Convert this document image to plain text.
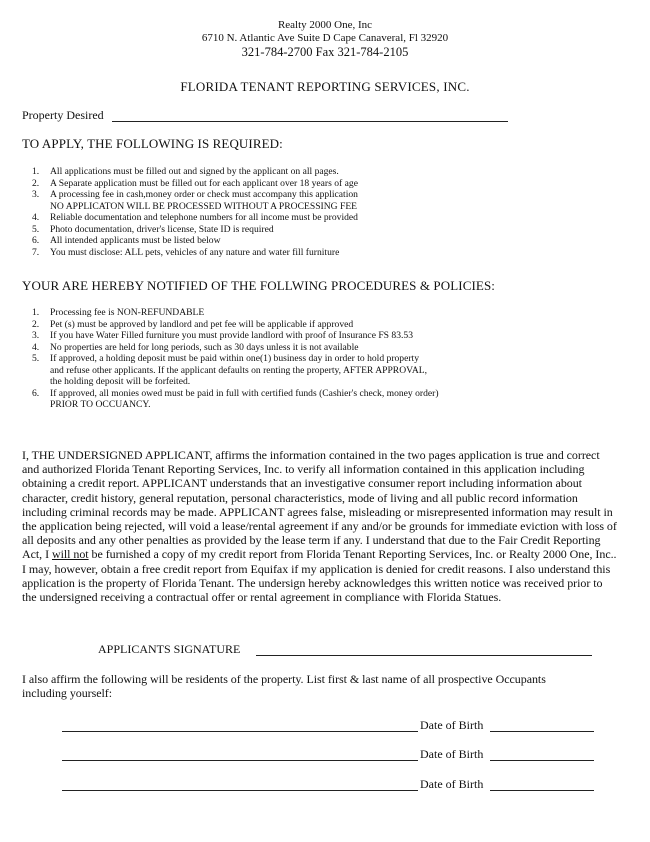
Realty 2000 One, Inc
6710 N. Atlantic Ave Suite D Cape Canaveral, Fl 32920
321-784-2700 Fax 321-784-2105
FLORIDA TENANT REPORTING SERVICES, INC.
Property Desired
TO APPLY, THE FOLLOWING IS REQUIRED:
1. All applications must be filled out and signed by the applicant on all pages.
2. A Separate application must be filled out for each applicant over 18 years of age
3. A processing fee in cash,money order or check must accompany this application
NO APPLICATON WILL BE PROCESSED WITHOUT A PROCESSING FEE
4. Reliable documentation and telephone numbers for all income must be provided
5. Photo documentation, driver's license, State ID is required
6. All intended applicants must be listed below
7. You must disclose: ALL pets, vehicles of any nature and water fill furniture
YOUR ARE HEREBY NOTIFIED OF THE FOLLWING PROCEDURES & POLICIES:
1. Processing fee is NON-REFUNDABLE
2. Pet (s) must be approved by landlord and pet fee will be applicable if approved
3. If you have Water Filled furniture you must provide landlord with proof of Insurance FS 83.53
4. No properties are held for long periods, such as 30 days unless it is not available
5. If approved, a holding deposit must be paid within one(1) business day in order to hold property
and refuse other applicants. If the applicant defaults on renting the property, AFTER APPROVAL,
the holding deposit will be forfeited.
6. If approved, all monies owed must be paid in full with certified funds (Cashier's check, money order)
PRIOR TO OCCUANCY.
I, THE UNDERSIGNED APPLICANT, affirms the information contained in the two pages application is true and correct and authorized Florida Tenant Reporting Services, Inc. to verify all information contained in this application including obtaining a credit report. APPLICANT understands that an investigative consumer report including information about character, credit history, general reputation, personal characteristics, mode of living and all public record information including criminal records may be made. APPLICANT agrees false, misleading or misrepresented information may result in the application being rejected, will void a lease/rental agreement if any and/or be grounds for immediate eviction with loss of all deposits and any other penalties as provided by the lease term if any. I understand that due to the Fair Credit Reporting Act, I will not be furnished a copy of my credit report from Florida Tenant Reporting Services, Inc. or Realty 2000 One, Inc.. I may, however, obtain a free credit report from Equifax if my application is denied for credit reasons. I also understand this application is the property of Florida Tenant. The undersign hereby acknowledges this written notice was received prior to the undersigned receiving a contractual offer or rental agreement in compliance with Florida Statues.
APPLICANTS SIGNATURE
I also affirm the following will be residents of the property. List first & last name of all prospective Occupants including yourself:
Date of Birth
Date of Birth
Date of Birth
